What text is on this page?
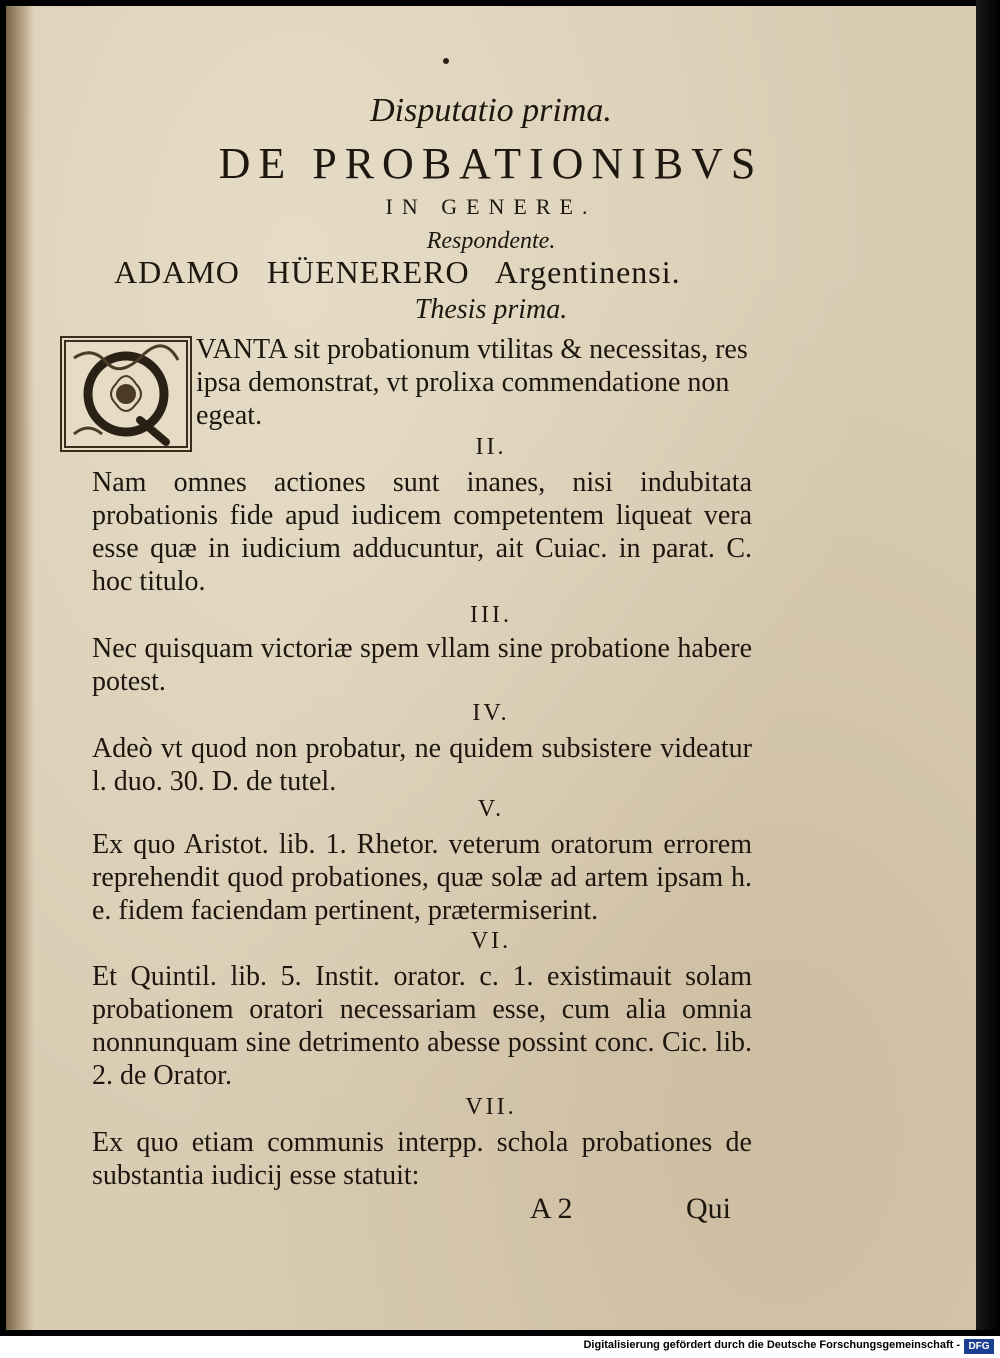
Disputatio prima.
DE PROBATIONIBVS
IN GENERE.
Respondente.
ADAMO   HÜENERERO   Argentinensi.
Thesis prima.
VANTA sit probationum vtilitas & necessitas, res ipsa demonstrat, vt prolixa commendatione non egeat.
II.
Nam omnes actiones sunt inanes, nisi indubitata probationis fide apud iudicem competentem liqueat vera esse quæ in iudicium adducuntur, ait Cuiac. in parat. C. hoc titulo.
III.
Nec quisquam victoriæ spem vllam sine probatione habere potest.
IV.
Adeò vt quod non probatur, ne quidem subsistere videatur l. duo. 30. D. de tutel.
V.
Ex quo Aristot. lib. 1. Rhetor. veterum oratorum errorem reprehendit quod probationes, quæ solæ ad artem ipsam h. e. fidem faciendam pertinent, prætermiserint.
VI.
Et Quintil. lib. 5. Instit. orator. c. 1. existimauit solam probationem oratori necessariam esse, cum alia omnia nonnunquam sine detrimento abesse possint conc. Cic. lib. 2. de Orator.
VII.
Ex quo etiam communis interpp. schola probationes de substantia iudicij esse statuit:
A 2	Qui
Digitalisierung gefördert durch die Deutsche Forschungsgemeinschaft - DFG
